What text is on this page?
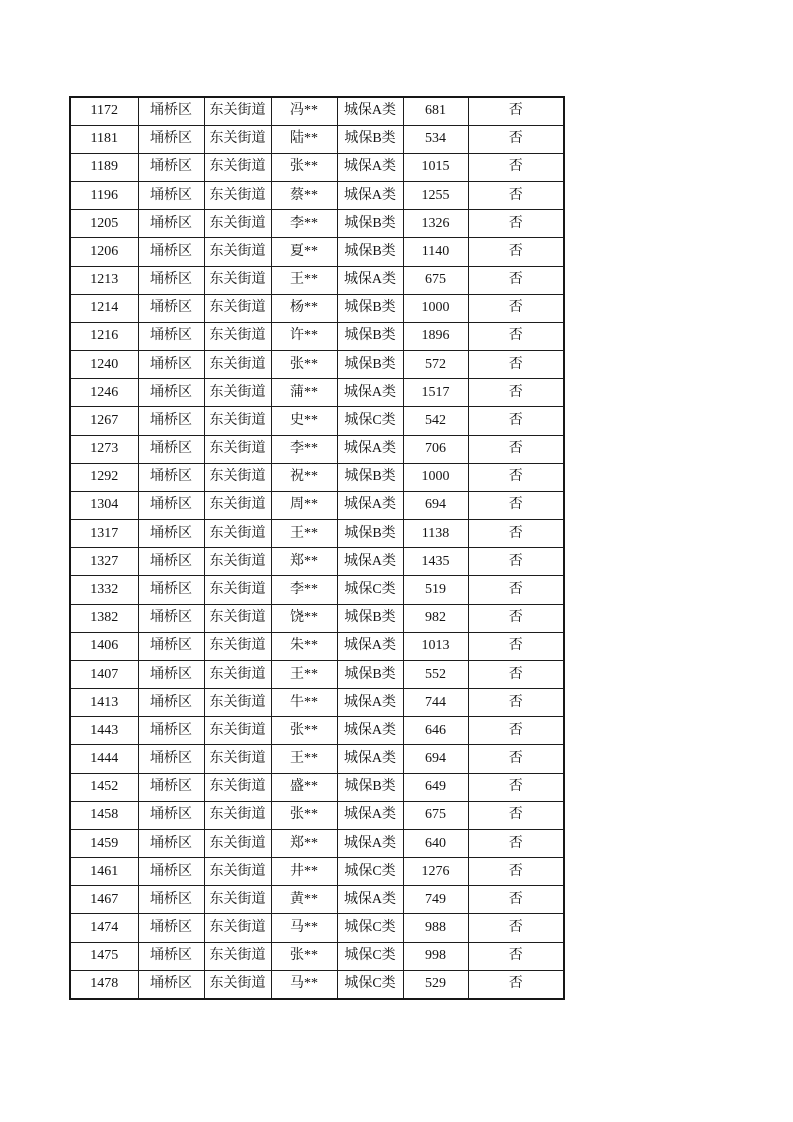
1172	埇桥区	东关街道	冯**	城保A类	681	否
1181	埇桥区	东关街道	陆**	城保B类	534	否
1189	埇桥区	东关街道	张**	城保A类	1015	否
1196	埇桥区	东关街道	蔡**	城保A类	1255	否
1205	埇桥区	东关街道	李**	城保B类	1326	否
1206	埇桥区	东关街道	夏**	城保B类	1140	否
1213	埇桥区	东关街道	王**	城保A类	675	否
1214	埇桥区	东关街道	杨**	城保B类	1000	否
1216	埇桥区	东关街道	许**	城保B类	1896	否
1240	埇桥区	东关街道	张**	城保B类	572	否
1246	埇桥区	东关街道	蒲**	城保A类	1517	否
1267	埇桥区	东关街道	史**	城保C类	542	否
1273	埇桥区	东关街道	李**	城保A类	706	否
1292	埇桥区	东关街道	祝**	城保B类	1000	否
1304	埇桥区	东关街道	周**	城保A类	694	否
1317	埇桥区	东关街道	王**	城保B类	1138	否
1327	埇桥区	东关街道	郑**	城保A类	1435	否
1332	埇桥区	东关街道	李**	城保C类	519	否
1382	埇桥区	东关街道	饶**	城保B类	982	否
1406	埇桥区	东关街道	朱**	城保A类	1013	否
1407	埇桥区	东关街道	王**	城保B类	552	否
1413	埇桥区	东关街道	牛**	城保A类	744	否
1443	埇桥区	东关街道	张**	城保A类	646	否
1444	埇桥区	东关街道	王**	城保A类	694	否
1452	埇桥区	东关街道	盛**	城保B类	649	否
1458	埇桥区	东关街道	张**	城保A类	675	否
1459	埇桥区	东关街道	郑**	城保A类	640	否
1461	埇桥区	东关街道	井**	城保C类	1276	否
1467	埇桥区	东关街道	黄**	城保A类	749	否
1474	埇桥区	东关街道	马**	城保C类	988	否
1475	埇桥区	东关街道	张**	城保C类	998	否
1478	埇桥区	东关街道	马**	城保C类	529	否
